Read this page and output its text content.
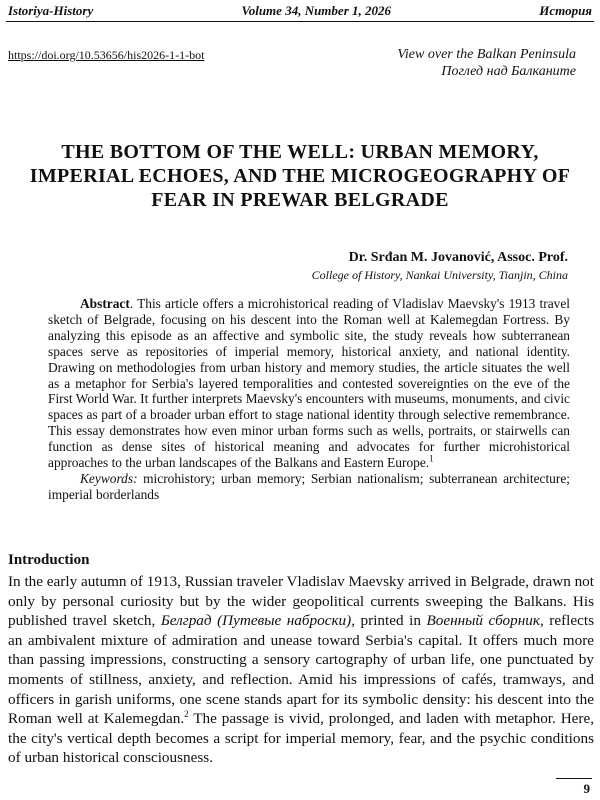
Istoriya-History	Volume 34, Number 1, 2026	История
https://doi.org/10.53656/his2026-1-1-bot	View over the Balkan Peninsula
Поглед над Балканите
THE BOTTOM OF THE WELL: URBAN MEMORY, IMPERIAL ECHOES, AND THE MICROGEOGRAPHY OF FEAR IN PREWAR BELGRADE
Dr. Srđan M. Jovanović, Assoc. Prof.
College of History, Nankai University, Tianjin, China

Abstract. This article offers a microhistorical reading of Vladislav Maevsky's 1913 travel sketch of Belgrade, focusing on his descent into the Roman well at Kalemegdan Fortress. By analyzing this episode as an affective and symbolic site, the study reveals how subterranean spaces serve as repositories of imperial memory, historical anxiety, and national identity. Drawing on methodologies from urban history and memory studies, the article situates the well as a metaphor for Serbia's layered temporalities and contested sovereignties on the eve of the First World War. It further interprets Maevsky's encounters with museums, monuments, and civic spaces as part of a broader urban effort to stage national identity through selective remembrance. This essay demonstrates how even minor urban forms such as wells, portraits, or stairwells can function as dense sites of historical meaning and advocates for further microhistorical approaches to the urban landscapes of the Balkans and Eastern Europe.$^1$

Keywords: microhistory; urban memory; Serbian nationalism; subterranean architecture; imperial borderlands

Introduction

In the early autumn of 1913, Russian traveler Vladislav Maevsky arrived in Belgrade, drawn not only by personal curiosity but by the wider geopolitical currents sweeping the Balkans. His published travel sketch, Белград (Путевые наброски), printed in Военный сборник, reflects an ambivalent mixture of admiration and unease toward Serbia's capital. It offers much more than passing impressions, constructing a sensory cartography of urban life, one punctuated by moments of stillness, anxiety, and reflection. Amid his impressions of cafés, tramways, and officers in garish uniforms, one scene stands apart for its symbolic density: his descent into the Roman well at Kalemegdan.$^2$ The passage is vivid, prolonged, and laden with metaphor. Here, the city's vertical depth becomes a script for imperial memory, fear, and the psychic conditions of urban historical consciousness.

9
